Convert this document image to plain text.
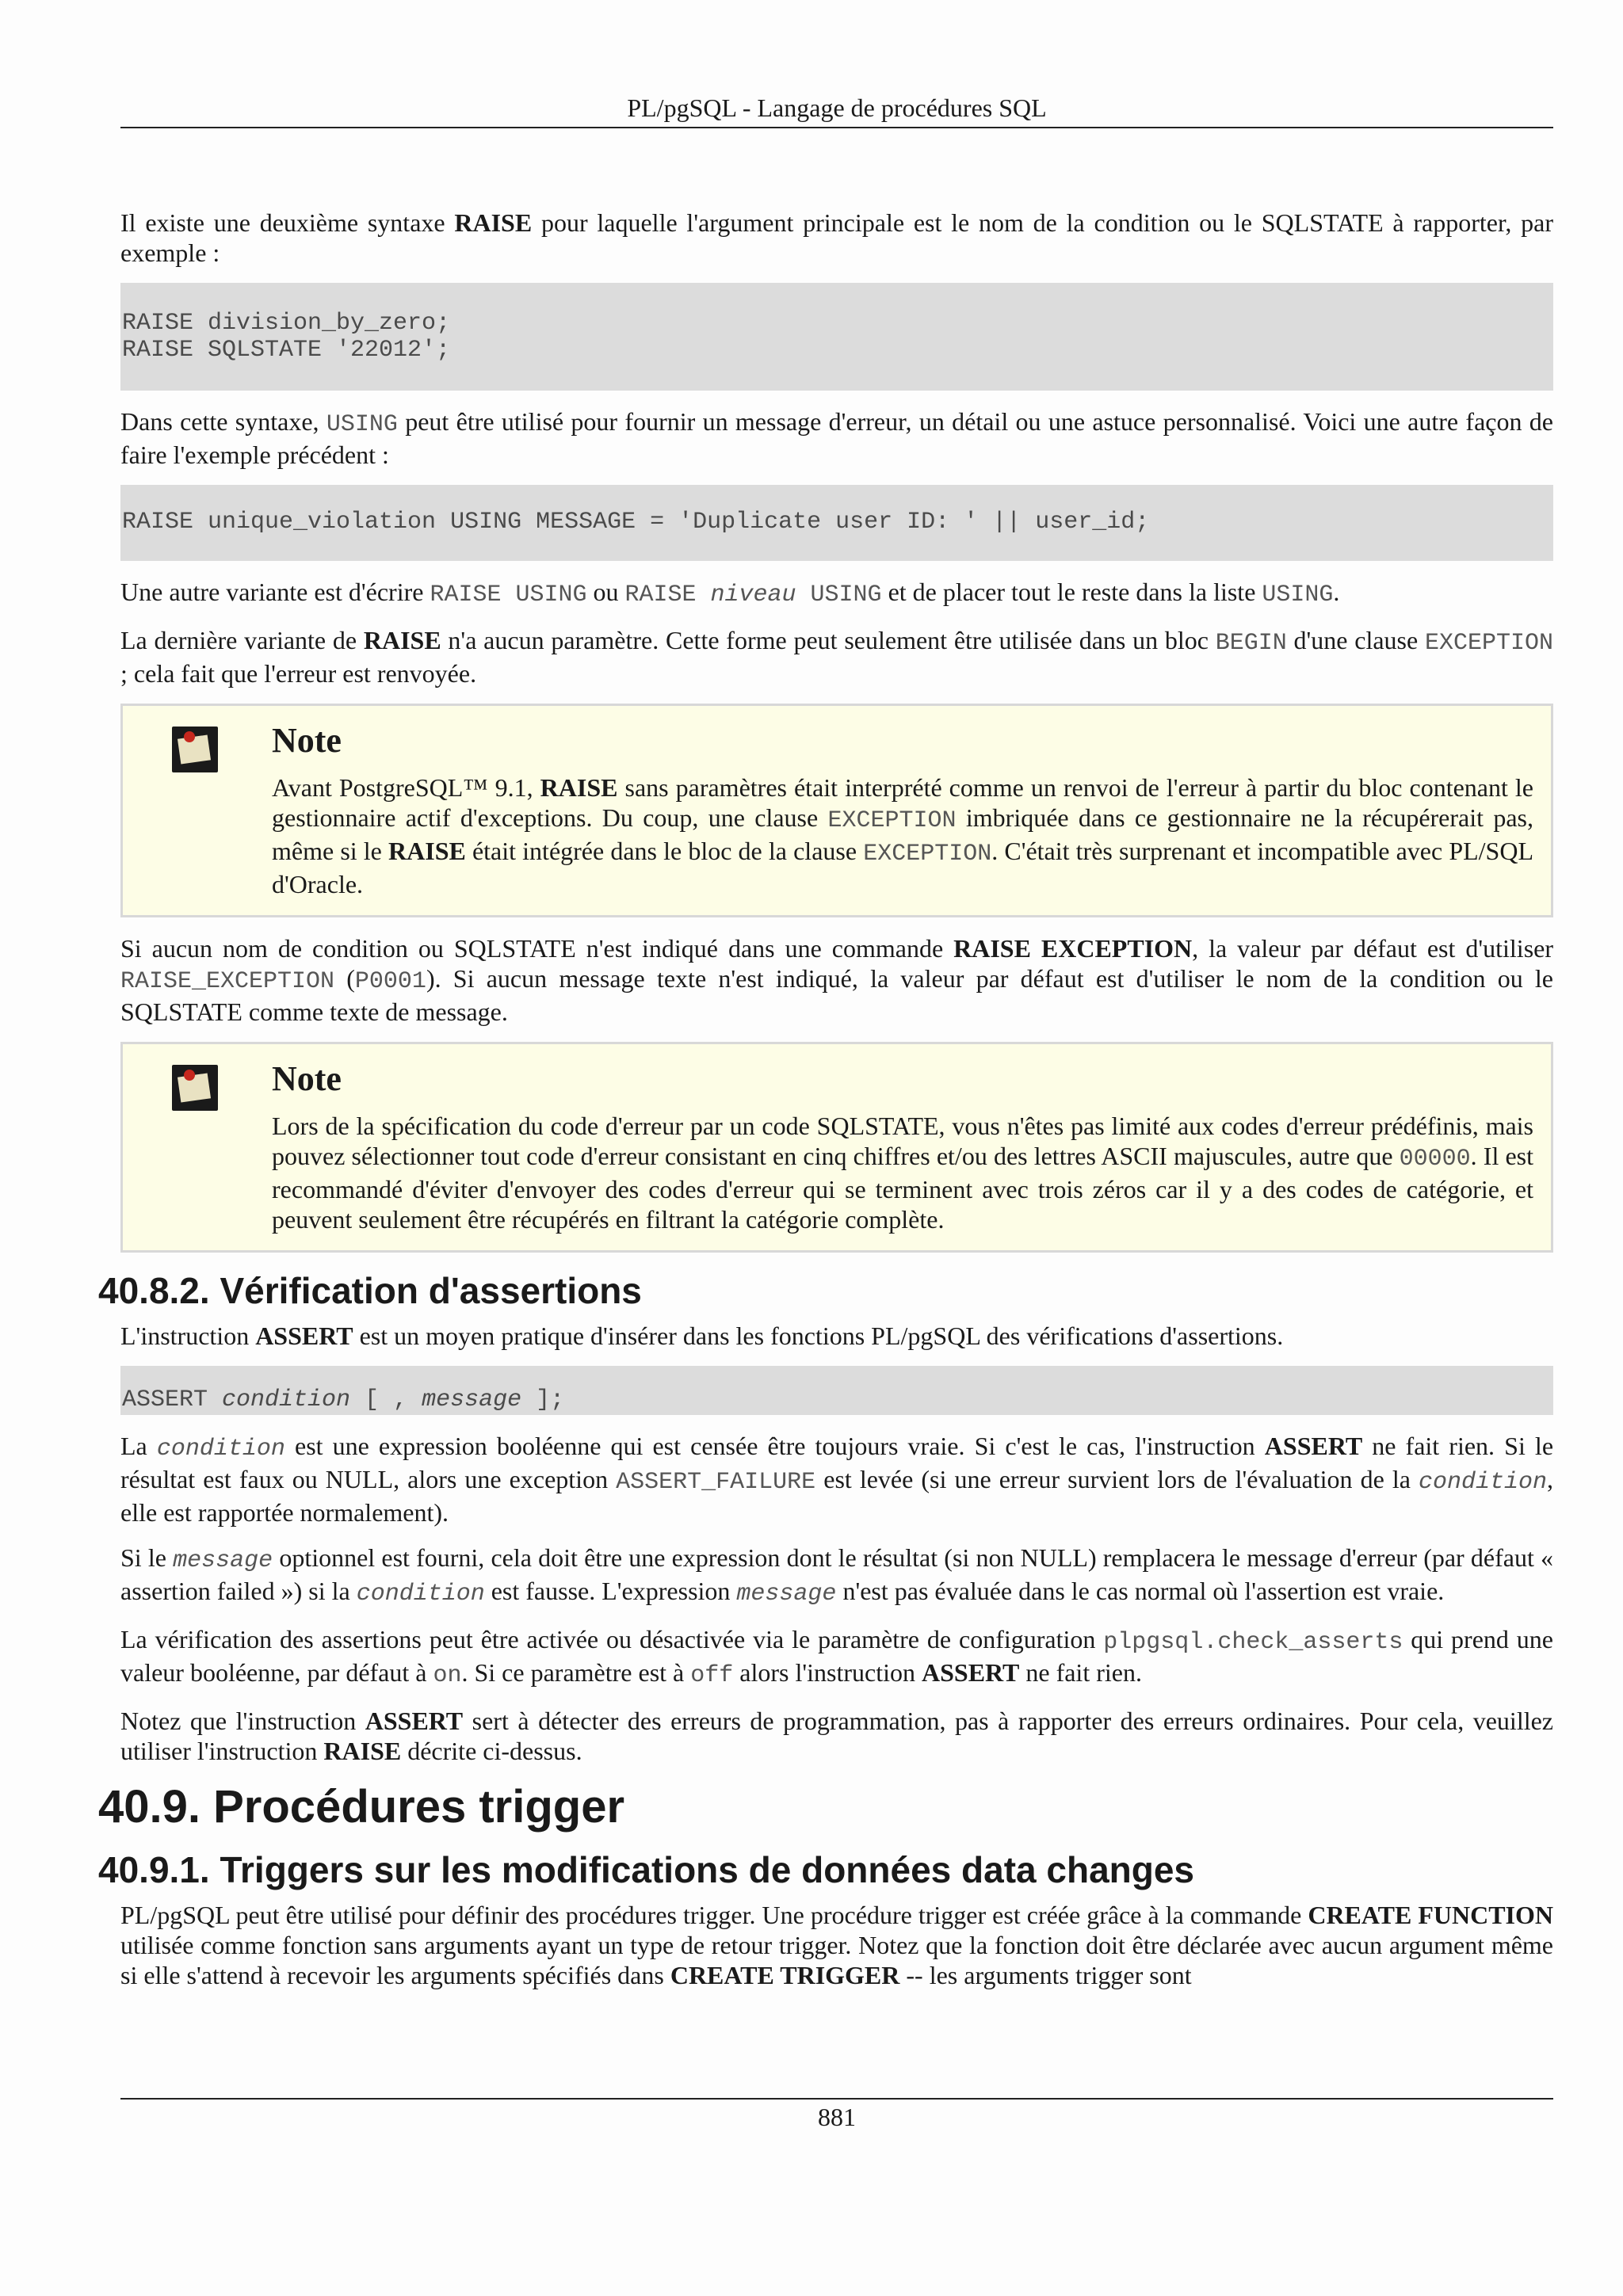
PL/pgSQL - Langage de procédures SQL

Il existe une deuxième syntaxe RAISE pour laquelle l'argument principale est le nom de la condition ou le SQLSTATE à rapporter, par exemple :

RAISE division_by_zero;
RAISE SQLSTATE '22012';

Dans cette syntaxe, USING peut être utilisé pour fournir un message d'erreur, un détail ou une astuce personnalisé. Voici une autre façon de faire l'exemple précédent :

RAISE unique_violation USING MESSAGE = 'Duplicate user ID: ' || user_id;

Une autre variante est d'écrire RAISE USING ou RAISE niveau USING et de placer tout le reste dans la liste USING.

La dernière variante de RAISE n'a aucun paramètre. Cette forme peut seulement être utilisée dans un bloc BEGIN d'une clause EXCEPTION ; cela fait que l'erreur est renvoyée.

Note

Avant PostgreSQL™ 9.1, RAISE sans paramètres était interprété comme un renvoi de l'erreur à partir du bloc contenant le gestionnaire actif d'exceptions. Du coup, une clause EXCEPTION imbriquée dans ce gestionnaire ne la récupérerait pas, même si le RAISE était intégrée dans le bloc de la clause EXCEPTION. C'était très surprenant et incompatible avec PL/SQL d'Oracle.

Si aucun nom de condition ou SQLSTATE n'est indiqué dans une commande RAISE EXCEPTION, la valeur par défaut est d'utiliser RAISE_EXCEPTION (P0001). Si aucun message texte n'est indiqué, la valeur par défaut est d'utiliser le nom de la condition ou le SQLSTATE comme texte de message.

Note

Lors de la spécification du code d'erreur par un code SQLSTATE, vous n'êtes pas limité aux codes d'erreur prédéfinis, mais pouvez sélectionner tout code d'erreur consistant en cinq chiffres et/ou des lettres ASCII majuscules, autre que 00000. Il est recommandé d'éviter d'envoyer des codes d'erreur qui se terminent avec trois zéros car il y a des codes de catégorie, et peuvent seulement être récupérés en filtrant la catégorie complète.

40.8.2. Vérification d'assertions

L'instruction ASSERT est un moyen pratique d'insérer dans les fonctions PL/pgSQL des vérifications d'assertions.

ASSERT condition [ , message ];

La condition est une expression booléenne qui est censée être toujours vraie. Si c'est le cas, l'instruction ASSERT ne fait rien. Si le résultat est faux ou NULL, alors une exception ASSERT_FAILURE est levée (si une erreur survient lors de l'évaluation de la condition, elle est rapportée normalement).

Si le message optionnel est fourni, cela doit être une expression dont le résultat (si non NULL) remplacera le message d'erreur (par défaut « assertion failed ») si la condition est fausse. L'expression message n'est pas évaluée dans le cas normal où l'assertion est vraie.

La vérification des assertions peut être activée ou désactivée via le paramètre de configuration plpgsql.check_asserts qui prend une valeur booléenne, par défaut à on. Si ce paramètre est à off alors l'instruction ASSERT ne fait rien.

Notez que l'instruction ASSERT sert à détecter des erreurs de programmation, pas à rapporter des erreurs ordinaires. Pour cela, veuillez utiliser l'instruction RAISE décrite ci-dessus.

40.9. Procédures trigger
40.9.1. Triggers sur les modifications de données data changes

PL/pgSQL peut être utilisé pour définir des procédures trigger. Une procédure trigger est créée grâce à la commande CREATE FUNCTION utilisée comme fonction sans arguments ayant un type de retour trigger. Notez que la fonction doit être déclarée avec aucun argument même si elle s'attend à recevoir les arguments spécifiés dans CREATE TRIGGER -- les arguments trigger sont

881
